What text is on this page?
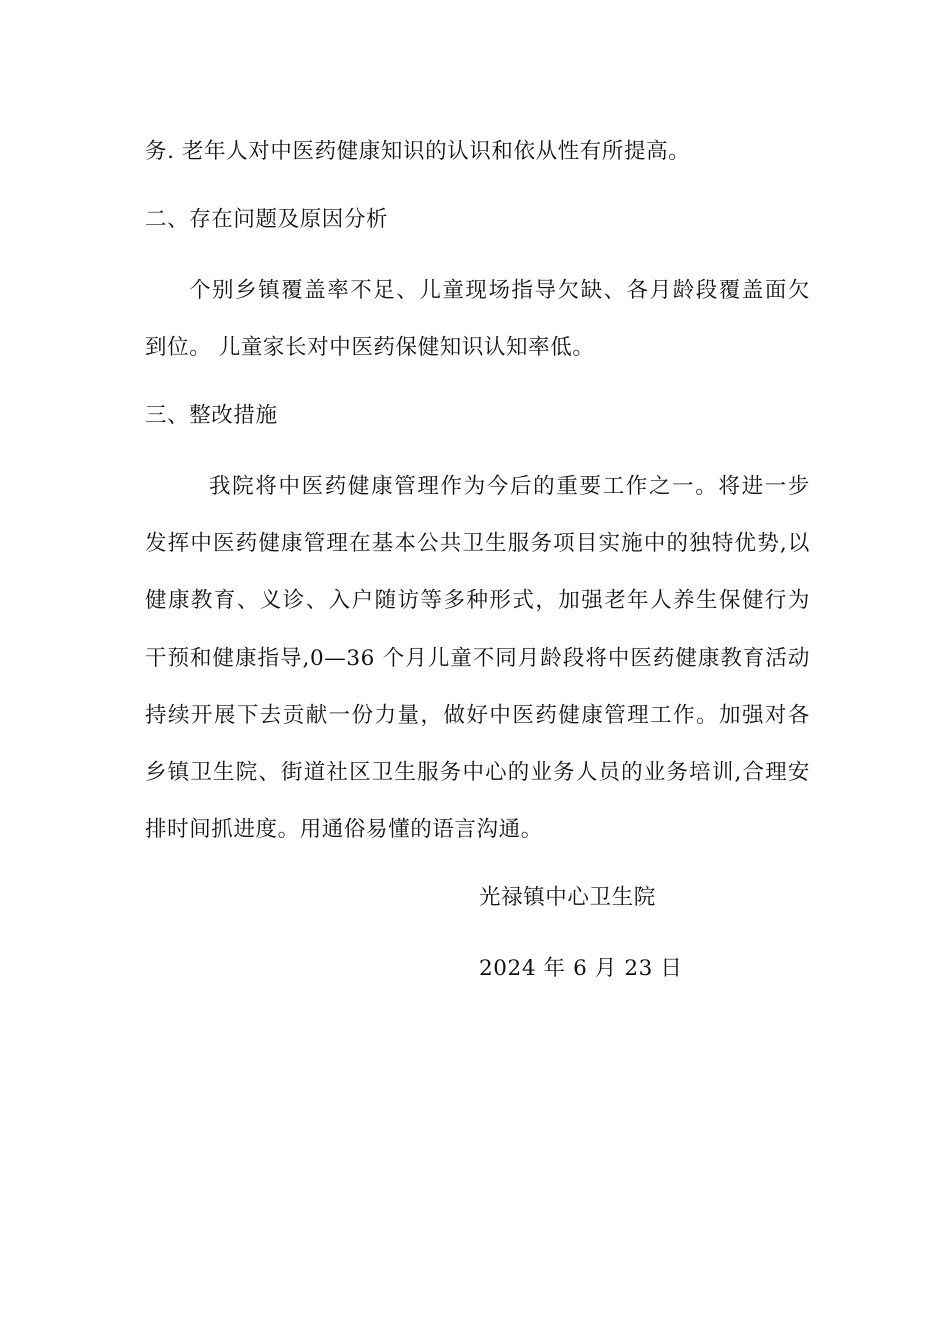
务. 老年人对中医药健康知识的认识和依从性有所提高。
二、存在问题及原因分析
个别乡镇覆盖率不足、儿童现场指导欠缺、各月龄段覆盖面欠
到位。 儿童家长对中医药保健知识认知率低。
三、整改措施
我院将中医药健康管理作为今后的重要工作之一。将进一步
发挥中医药健康管理在基本公共卫生服务项目实施中的独特优势,以
健康教育、义诊、入户随访等多种形式，加强老年人养生保健行为
干预和健康指导,0—36 个月儿童不同月龄段将中医药健康教育活动
持续开展下去贡献一份力量，做好中医药健康管理工作。加强对各
乡镇卫生院、街道社区卫生服务中心的业务人员的业务培训,合理安
排时间抓进度。用通俗易懂的语言沟通。
光禄镇中心卫生院
2024 年 6 月 23 日
